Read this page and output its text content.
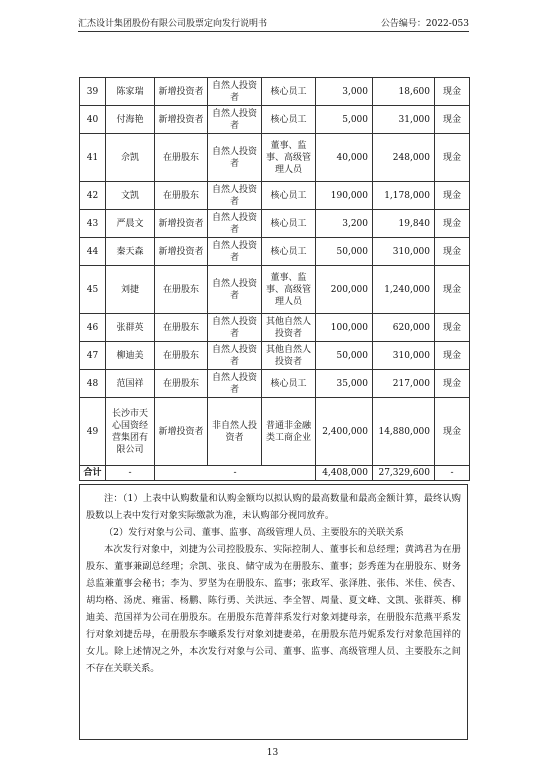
汇杰设计集团股份有限公司股票定向发行说明书	公告编号：2022-053
39	陈家瑞	新增投资者	自然人投资者	核心员工	3,000	18,600	现金
40	付海艳	新增投资者	自然人投资者	核心员工	5,000	31,000	现金
41	佘凯	在册股东	自然人投资者	董事、监事、高级管理人员	40,000	248,000	现金
42	文凯	在册股东	自然人投资者	核心员工	190,000	1,178,000	现金
43	严晨文	新增投资者	自然人投资者	核心员工	3,200	19,840	现金
44	秦天森	新增投资者	自然人投资者	核心员工	50,000	310,000	现金
45	刘捷	在册股东	自然人投资者	董事、监事、高级管理人员	200,000	1,240,000	现金
46	张群英	在册股东	自然人投资者	其他自然人投资者	100,000	620,000	现金
47	柳迪美	在册股东	自然人投资者	其他自然人投资者	50,000	310,000	现金
48	范国祥	在册股东	自然人投资者	核心员工	35,000	217,000	现金
49	长沙市天心国资经营集团有限公司	新增投资者	非自然人投资者	普通非金融类工商企业	2,400,000	14,880,000	现金
合计	-	-			4,408,000	27,329,600	-

注：（1）上表中认购数量和认购金额均以拟认购的最高数量和最高金额计算，最终认购股数以上表中发行对象实际缴款为准，未认购部分视同放弃。

（2）发行对象与公司、董事、监事、高级管理人员、主要股东的关联关系

本次发行对象中，刘捷为公司控股股东、实际控制人、董事长和总经理；黄鸿君为在册股东、董事兼副总经理；佘凯、张良、储守成为在册股东、董事；彭秀莲为在册股东、财务总监兼董事会秘书；李为、罗坚为在册股东、监事；张政军、张泽胜、张伟、米佳、侯杏、胡均格、汤虎、雍雷、杨鹏、陈行勇、关洪远、李全智、周量、夏文峰、文凯、张群英、柳迪美、范国祥为公司在册股东。在册股东范菁萍系发行对象刘捷母亲，在册股东范燕平系发行对象刘捷岳母，在册股东李曦系发行对象刘捷妻弟，在册股东范丹妮系发行对象范国祥的女儿。除上述情况之外，本次发行对象与公司、董事、监事、高级管理人员、主要股东之间不存在关联关系。

13
